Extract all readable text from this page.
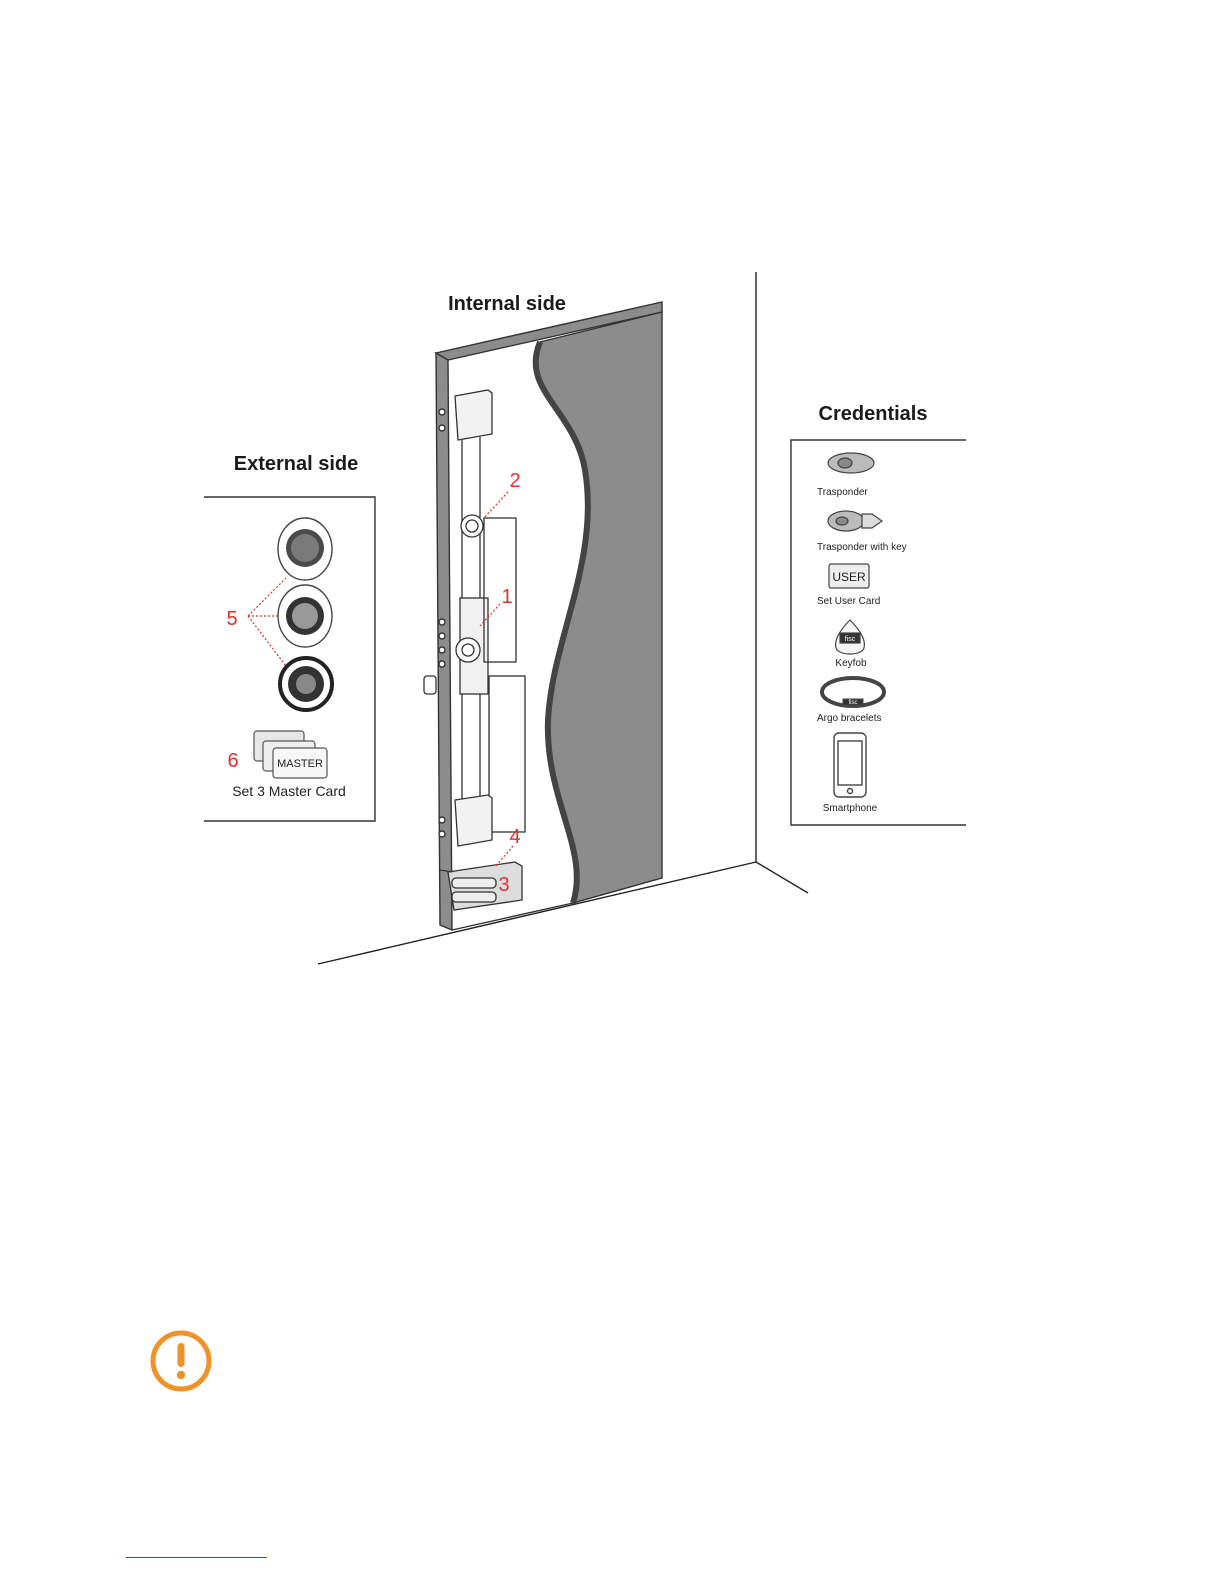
MASTER
Set 3 Master Card
USER
fisc
fisc
Trasponder
Trasponder with key
Set User Card
Keyfob
Argo bracelets
Smartphone
Internal side
External side
Credentials
1
2
3
4
5
6
